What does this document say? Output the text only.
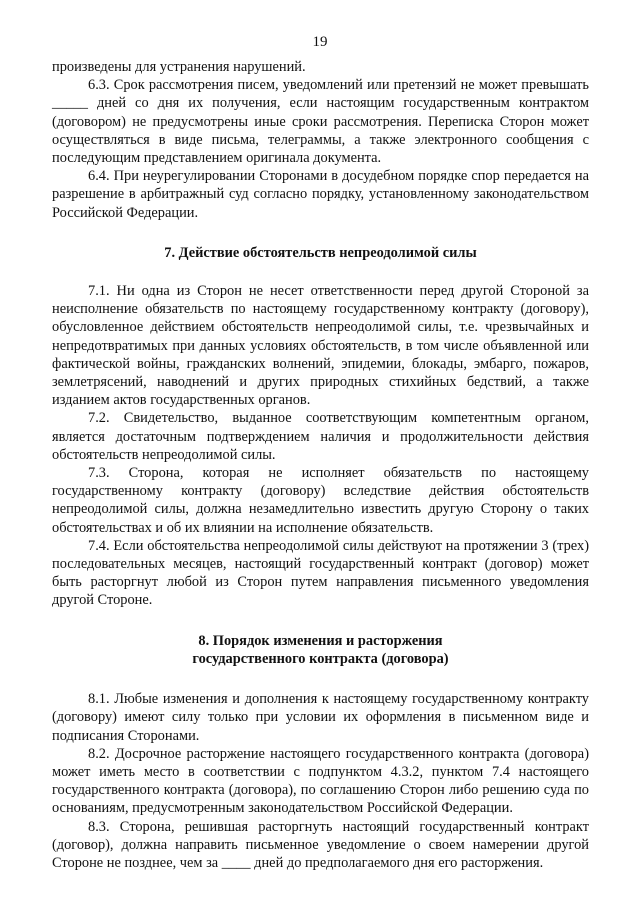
19

произведены для устранения нарушений.

6.3. Срок рассмотрения писем, уведомлений или претензий не может превышать _____ дней со дня их получения, если настоящим государственным контрактом (договором) не предусмотрены иные сроки рассмотрения. Переписка Сторон может осуществляться в виде письма, телеграммы, а также электронного сообщения с последующим представлением оригинала документа.

6.4. При неурегулировании Сторонами в досудебном порядке спор передается на разрешение в арбитражный суд согласно порядку, установленному законодательством Российской Федерации.

7. Действие обстоятельств непреодолимой силы

7.1. Ни одна из Сторон не несет ответственности перед другой Стороной за неисполнение обязательств по настоящему государственному контракту (договору), обусловленное действием обстоятельств непреодолимой силы, т.е. чрезвычайных и непредотвратимых при данных условиях обстоятельств, в том числе объявленной или фактической войны, гражданских волнений, эпидемии, блокады, эмбарго, пожаров, землетрясений, наводнений и других природных стихийных бедствий, а также изданием актов государственных органов.

7.2. Свидетельство, выданное соответствующим компетентным органом, является достаточным подтверждением наличия и продолжительности действия обстоятельств непреодолимой силы.

7.3. Сторона, которая не исполняет обязательств по настоящему государственному контракту (договору) вследствие действия обстоятельств непреодолимой силы, должна незамедлительно известить другую Сторону о таких обстоятельствах и об их влиянии на исполнение обязательств.

7.4. Если обстоятельства непреодолимой силы действуют на протяжении 3 (трех) последовательных месяцев, настоящий государственный контракт (договор) может быть расторгнут любой из Сторон путем направления письменного уведомления другой Стороне.

8. Порядок изменения и расторжения
государственного контракта (договора)

8.1. Любые изменения и дополнения к настоящему государственному контракту (договору) имеют силу только при условии их оформления в письменном виде и подписания Сторонами.

8.2. Досрочное расторжение настоящего государственного контракта (договора) может иметь место в соответствии с подпунктом 4.3.2, пунктом 7.4 настоящего государственного контракта (договора), по соглашению Сторон либо решению суда по основаниям, предусмотренным законодательством Российской Федерации.

8.3. Сторона, решившая расторгнуть настоящий государственный контракт (договор), должна направить письменное уведомление о своем намерении другой Стороне не позднее, чем за ____ дней до предполагаемого дня его расторжения.
